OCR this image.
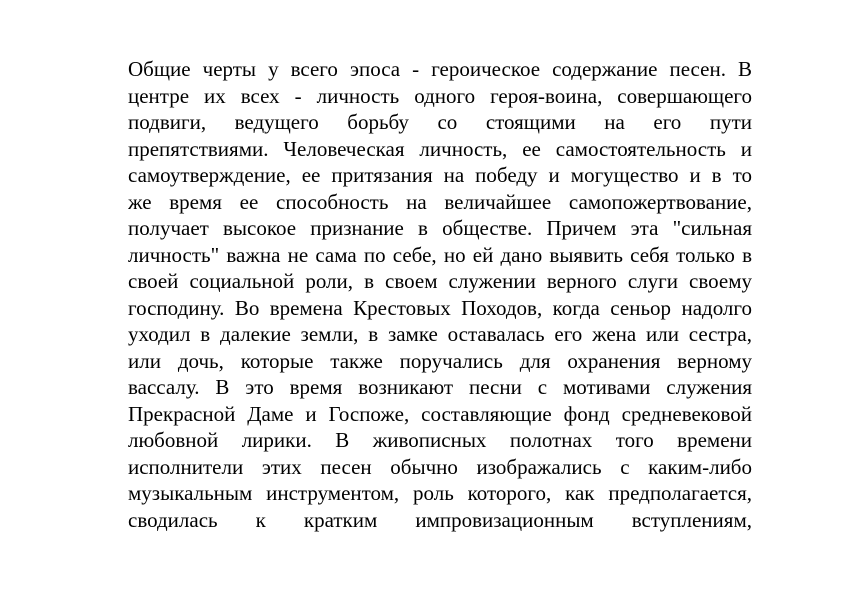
Общие черты у всего эпоса - героическое содержание песен. В
центре их всех - личность одного героя-воина, совершающего
подвиги, ведущего борьбу со стоящими на его пути
препятствиями. Человеческая личность, ее самостоятельность и
самоутверждение, ее притязания на победу и могущество и в то
же время ее способность на величайшее самопожертвование,
получает высокое признание в обществе. Причем эта "сильная
личность" важна не сама по себе, но ей дано выявить себя только в
своей социальной роли, в своем служении верного слуги своему
господину. Во времена Крестовых Походов, когда сеньор надолго
уходил в далекие земли, в замке оставалась его жена или сестра,
или дочь, которые также поручались для охранения верному
вассалу. В это время возникают песни с мотивами служения
Прекрасной Даме и Госпоже, составляющие фонд средневековой
любовной лирики. В живописных полотнах того времени
исполнители этих песен обычно изображались с каким-либо
музыкальным инструментом, роль которого, как предполагается,
сводилась к кратким импровизационным вступлениям,
